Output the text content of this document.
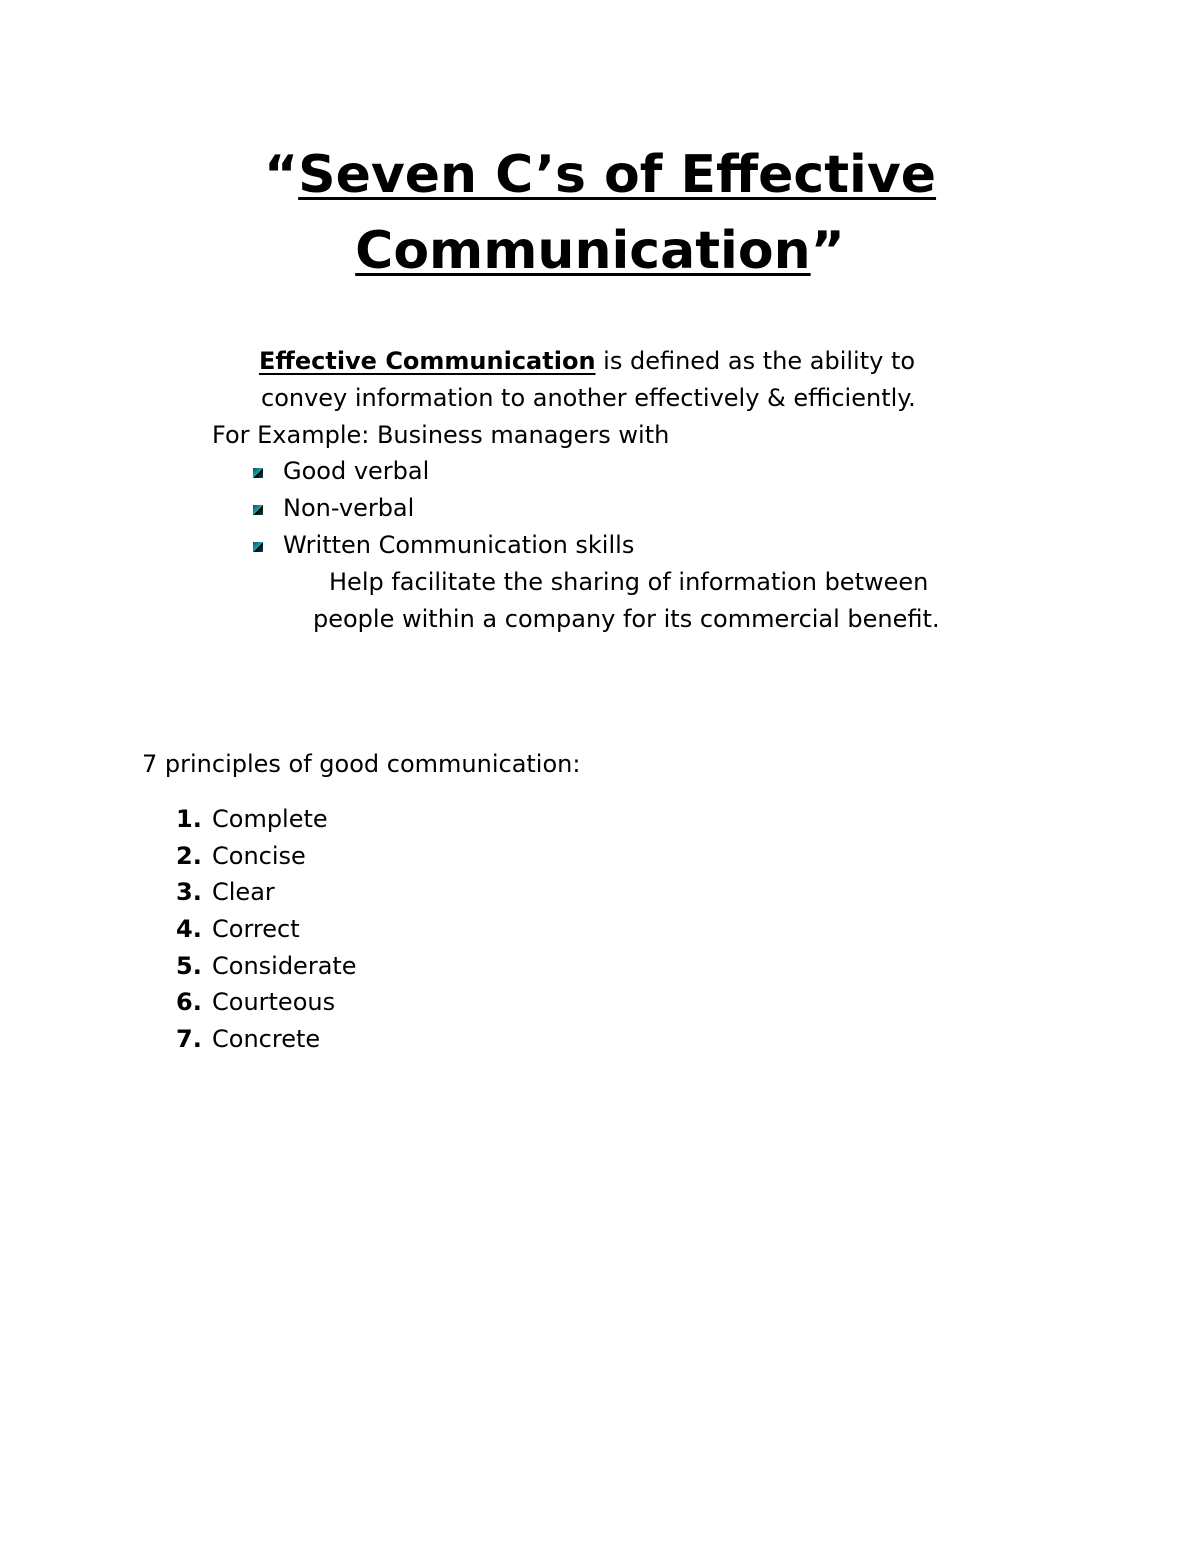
“Seven C’s of Effective
Communication”

Effective Communication is defined as the ability to

convey information to another effectively & efficiently.

For Example: Business managers with

Good verbal

Non-verbal

Written Communication skills

Help facilitate the sharing of information between

people within a company for its commercial benefit.

7 principles of good communication:

1. Complete

2. Concise

3. Clear

4. Correct

5. Considerate

6. Courteous

7. Concrete
